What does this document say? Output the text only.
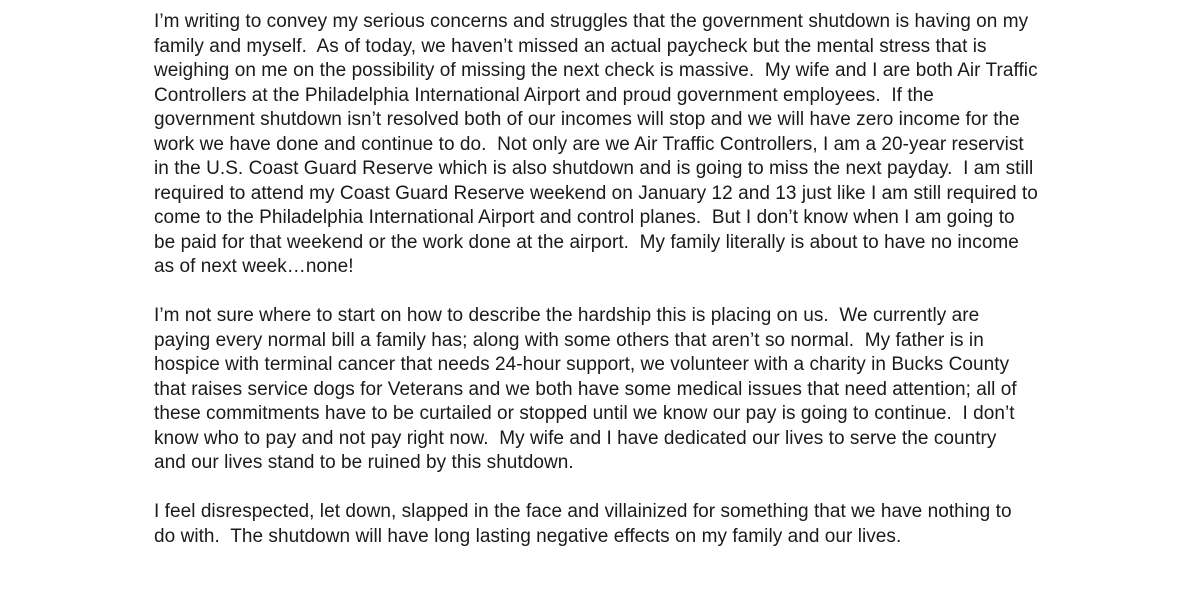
I’m writing to convey my serious concerns and struggles that the government shutdown is having on my
family and myself.  As of today, we haven’t missed an actual paycheck but the mental stress that is
weighing on me on the possibility of missing the next check is massive.  My wife and I are both Air Traffic
Controllers at the Philadelphia International Airport and proud government employees.  If the
government shutdown isn’t resolved both of our incomes will stop and we will have zero income for the
work we have done and continue to do.  Not only are we Air Traffic Controllers, I am a 20-year reservist
in the U.S. Coast Guard Reserve which is also shutdown and is going to miss the next payday.  I am still
required to attend my Coast Guard Reserve weekend on January 12 and 13 just like I am still required to
come to the Philadelphia International Airport and control planes.  But I don’t know when I am going to
be paid for that weekend or the work done at the airport.  My family literally is about to have no income
as of next week…none!

I’m not sure where to start on how to describe the hardship this is placing on us.  We currently are
paying every normal bill a family has; along with some others that aren’t so normal.  My father is in
hospice with terminal cancer that needs 24-hour support, we volunteer with a charity in Bucks County
that raises service dogs for Veterans and we both have some medical issues that need attention; all of
these commitments have to be curtailed or stopped until we know our pay is going to continue.  I don’t
know who to pay and not pay right now.  My wife and I have dedicated our lives to serve the country
and our lives stand to be ruined by this shutdown.

I feel disrespected, let down, slapped in the face and villainized for something that we have nothing to
do with.  The shutdown will have long lasting negative effects on my family and our lives.
